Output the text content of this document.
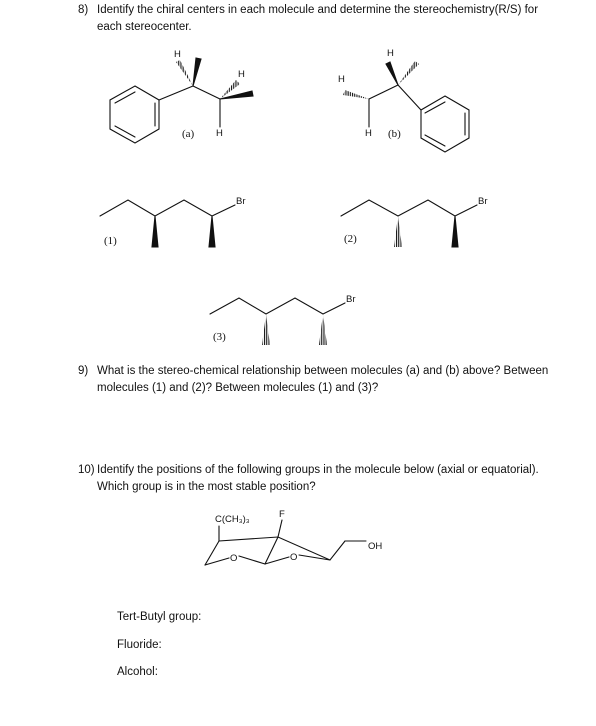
8) Identify the chiral centers in each molecule and determine the stereochemistry(R/S) for
each stereocenter.
H
H
H
H
H
H
Br	Br
Br
C(CH₃)₃	F
OH
O	O
(a)	(b)
(1)	(2)
(3)
9) What is the stereo-chemical relationship between molecules (a) and (b) above? Between
molecules (1) and (2)? Between molecules (1) and (3)?
10) Identify the positions of the following groups in the molecule below (axial or equatorial).
Which group is in the most stable position?
Tert-Butyl group:
Fluoride:
Alcohol:
